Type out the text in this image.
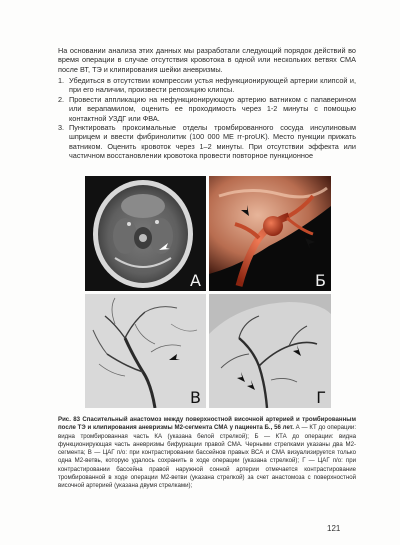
На основании анализа этих данных мы разработали следующий порядок действий во время операции в случае отсутствия кровотока в одной или нескольких ветвях СМА после ВТ, ТЭ и клипирования шейки аневризмы.

1. Убедиться в отсутствии компрессии устья нефункционирующей артерии клипсой и, при его наличии, произвести репозицию клипсы.
2. Провести аппликацию на нефункционирующую артерию ватником с папаверином или верапамилом, оценить ее проходимость через 1-2 минуты с помощью контактной УЗДГ или ФВА.
3. Пунктировать проксимальные отделы тромбированного сосуда инсулиновым шприцем и ввести фибринолитик (100 000 МЕ rr-proUK). Место пункции прижать ватником. Оценить кровоток через 1–2 минуты. При отсутствии эффекта или частичном восстановлении кровотока провести повторное пункционное
А	Б
В	Г

Рис. 83 Спасительный анастомоз между поверхностной височной артерией и тромбированным после ТЭ и клипирования аневризмы М2-сегмента СМА у пациента Б., 56 лет. А — КТ до операции: видна тромбированная часть КА (указана белой стрелкой); Б — КТА до операции: видна функционирующая часть аневризмы бифуркации правой СМА. Черными стрелками указаны два М2-сегмента; В — ЦАГ п/о: при контрастировании бассейнов правых ВСА и СМА визуализируется только одна М2-ветвь, которую удалось сохранить в ходе операции (указана стрелкой); Г — ЦАГ п/о: при контрастировании бассейна правой наружной сонной артерии отмечается контрастирование тромбированной в ходе операции М2-ветви (указана стрелкой) за счет анастомоза с поверхностной височной артерией (указана двумя стрелками);

121
